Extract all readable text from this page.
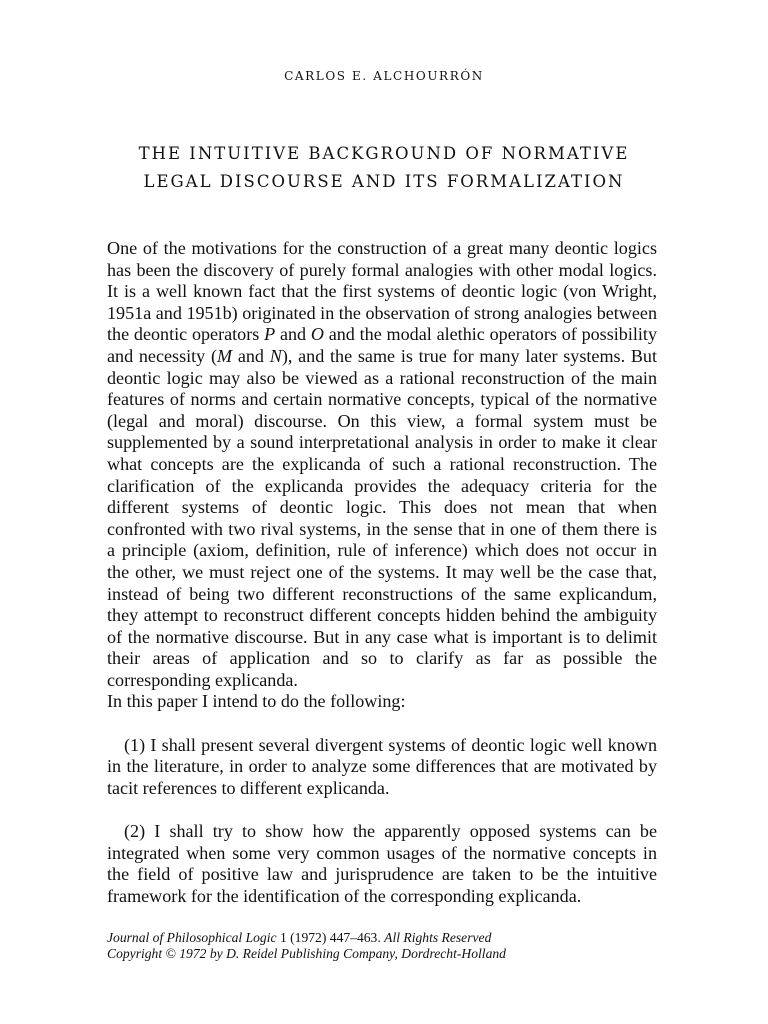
CARLOS E. ALCHOURRÓN

THE INTUITIVE BACKGROUND OF NORMATIVE
LEGAL DISCOURSE AND ITS FORMALIZATION

One of the motivations for the construction of a great many deontic logics has been the discovery of purely formal analogies with other modal logics. It is a well known fact that the first systems of deontic logic (von Wright, 1951a and 1951b) originated in the observation of strong analogies between the deontic operators P and O and the modal alethic operators of possibility and necessity (M and N), and the same is true for many later systems. But deontic logic may also be viewed as a rational reconstruction of the main features of norms and certain normative concepts, typical of the normative (legal and moral) discourse. On this view, a formal system must be supplemented by a sound interpretational analysis in order to make it clear what concepts are the explicanda of such a rational reconstruction. The clarification of the explicanda provides the adequacy criteria for the different systems of deontic logic. This does not mean that when confronted with two rival systems, in the sense that in one of them there is a principle (axiom, definition, rule of inference) which does not occur in the other, we must reject one of the systems. It may well be the case that, instead of being two different reconstructions of the same explicandum, they attempt to reconstruct different concepts hidden behind the ambiguity of the normative discourse. But in any case what is important is to delimit their areas of application and so to clarify as far as possible the corresponding explicanda.

In this paper I intend to do the following:

(1) I shall present several divergent systems of deontic logic well known in the literature, in order to analyze some differences that are motivated by tacit references to different explicanda.

(2) I shall try to show how the apparently opposed systems can be integrated when some very common usages of the normative concepts in the field of positive law and jurisprudence are taken to be the intuitive framework for the identification of the corresponding explicanda.

Journal of Philosophical Logic 1 (1972) 447–463. All Rights Reserved
Copyright © 1972 by D. Reidel Publishing Company, Dordrecht-Holland
